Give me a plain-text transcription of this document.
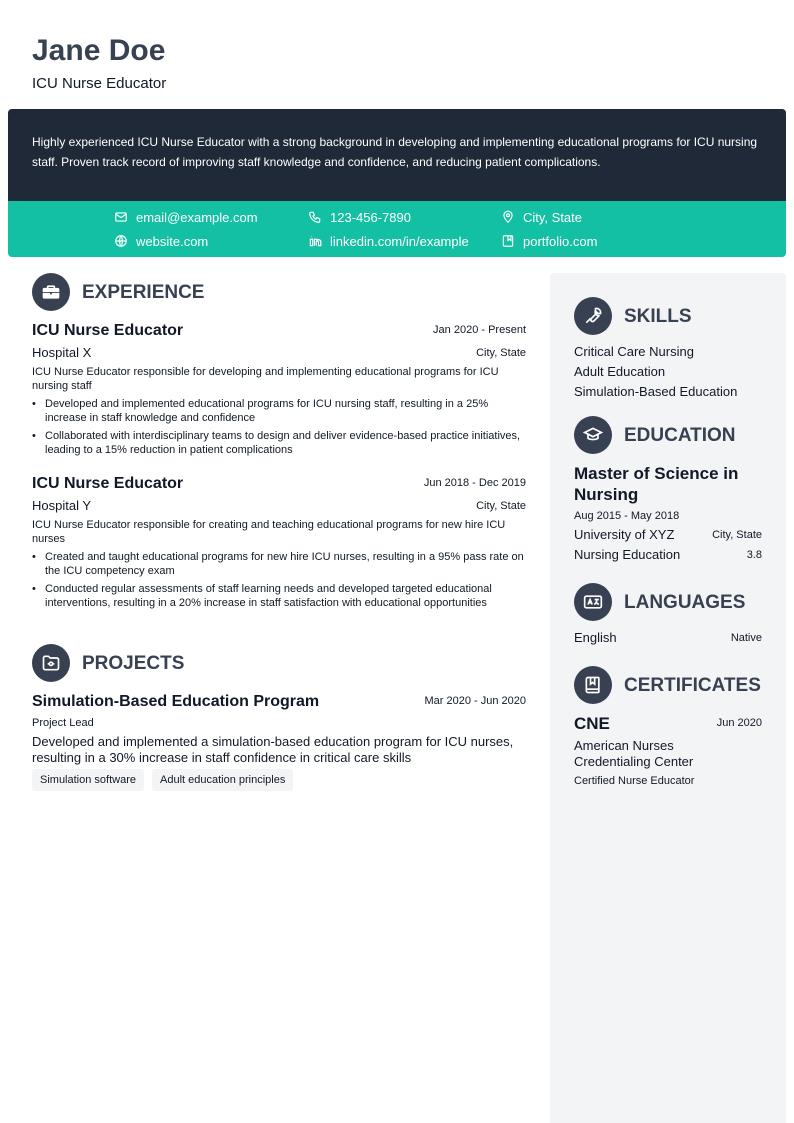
Jane Doe
ICU Nurse Educator
Highly experienced ICU Nurse Educator with a strong background in developing and implementing educational programs for ICU nursing staff. Proven track record of improving staff knowledge and confidence, and reducing patient complications.
email@example.com	123-456-7890	City, State
website.com	linkedin.com/in/example	portfolio.com
EXPERIENCE
ICU Nurse Educator	Jan 2020 - Present
Hospital X	City, State
ICU Nurse Educator responsible for developing and implementing educational programs for ICU nursing staff
• Developed and implemented educational programs for ICU nursing staff, resulting in a 25% increase in staff knowledge and confidence
• Collaborated with interdisciplinary teams to design and deliver evidence-based practice initiatives, leading to a 15% reduction in patient complications
ICU Nurse Educator	Jun 2018 - Dec 2019
Hospital Y	City, State
ICU Nurse Educator responsible for creating and teaching educational programs for new hire ICU nurses
• Created and taught educational programs for new hire ICU nurses, resulting in a 95% pass rate on the ICU competency exam
• Conducted regular assessments of staff learning needs and developed targeted educational interventions, resulting in a 20% increase in staff satisfaction with educational opportunities
PROJECTS
Simulation-Based Education Program	Mar 2020 - Jun 2020
Project Lead
Developed and implemented a simulation-based education program for ICU nurses, resulting in a 30% increase in staff confidence in critical care skills
Simulation software Adult education principles
SKILLS
Critical Care Nursing
Adult Education
Simulation-Based Education
EDUCATION
Master of Science in Nursing
Aug 2015 - May 2018
University of XYZ	City, State
Nursing Education	3.8
LANGUAGES
English	Native
CERTIFICATES
CNE	Jun 2020
American Nurses Credentialing Center
Certified Nurse Educator
